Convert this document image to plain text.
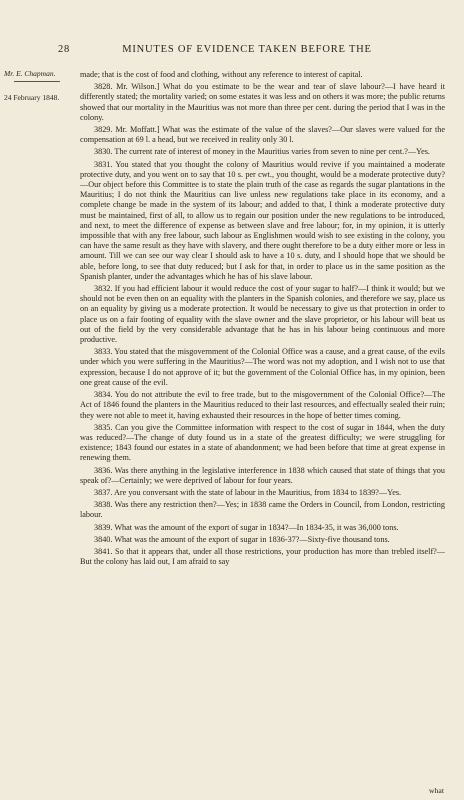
28	MINUTES OF EVIDENCE TAKEN BEFORE THE
Mr. E. Chapman.
24 February 1848.

made; that is the cost of food and clothing, without any reference to interest of capital.

3828. Mr. Wilson.] What do you estimate to be the wear and tear of slave labour?—I have heard it differently stated; the mortality varied; on some estates it was less and on others it was more; the public returns showed that our mortality in the Mauritius was not more than three per cent. during the period that I was in the colony.

3829. Mr. Moffatt.] What was the estimate of the value of the slaves?—Our slaves were valued for the compensation at 69 l. a head, but we received in reality only 30 l.

3830. The current rate of interest of money in the Mauritius varies from seven to nine per cent.?—Yes.

3831. You stated that you thought the colony of Mauritius would revive if you maintained a moderate protective duty, and you went on to say that 10 s. per cwt., you thought, would be a moderate protective duty?—Our object before this Committee is to state the plain truth of the case as regards the sugar plantations in the Mauritius; I do not think the Mauritius can live unless new regulations take place in its economy, and a complete change be made in the system of its labour; and added to that, I think a moderate protective duty must be maintained, first of all, to allow us to regain our position under the new regulations to be introduced, and next, to meet the difference of expense as between slave and free labour; for, in my opinion, it is utterly impossible that with any free labour, such labour as Englishmen would wish to see existing in the colony, you can have the same result as they have with slavery, and there ought therefore to be a duty either more or less in amount. Till we can see our way clear I should ask to have a 10 s. duty, and I should hope that we should be able, before long, to see that duty reduced; but I ask for that, in order to place us in the same position as the Spanish planter, under the advantages which he has of his slave labour.

3832. If you had efficient labour it would reduce the cost of your sugar to half?—I think it would; but we should not be even then on an equality with the planters in the Spanish colonies, and therefore we say, place us on an equality by giving us a moderate protection. It would be necessary to give us that protection in order to place us on a fair footing of equality with the slave owner and the slave proprietor, or his labour will beat us out of the field by the very considerable advantage that he has in his labour being continuous and more productive.

3833. You stated that the misgovernment of the Colonial Office was a cause, and a great cause, of the evils under which you were suffering in the Mauritius?—The word was not my adoption, and I wish not to use that expression, because I do not approve of it; but the government of the Colonial Office has, in my opinion, been one great cause of the evil.

3834. You do not attribute the evil to free trade, but to the misgovernment of the Colonial Office?—The Act of 1846 found the planters in the Mauritius reduced to their last resources, and effectually sealed their ruin; they were not able to meet it, having exhausted their resources in the hope of better times coming.

3835. Can you give the Committee information with respect to the cost of sugar in 1844, when the duty was reduced?—The change of duty found us in a state of the greatest difficulty; we were struggling for existence; 1843 found our estates in a state of abandonment; we had been before that time at great expense in renewing them.

3836. Was there anything in the legislative interference in 1838 which caused that state of things that you speak of?—Certainly; we were deprived of labour for four years.

3837. Are you conversant with the state of labour in the Mauritius, from 1834 to 1839?—Yes.

3838. Was there any restriction then?—Yes; in 1838 came the Orders in Council, from London, restricting labour.

3839. What was the amount of the export of sugar in 1834?—In 1834-35, it was 36,000 tons.

3840. What was the amount of the export of sugar in 1836-37?—Sixty-five thousand tons.

3841. So that it appears that, under all those restrictions, your production has more than trebled itself?—But the colony has laid out, I am afraid to say

what
